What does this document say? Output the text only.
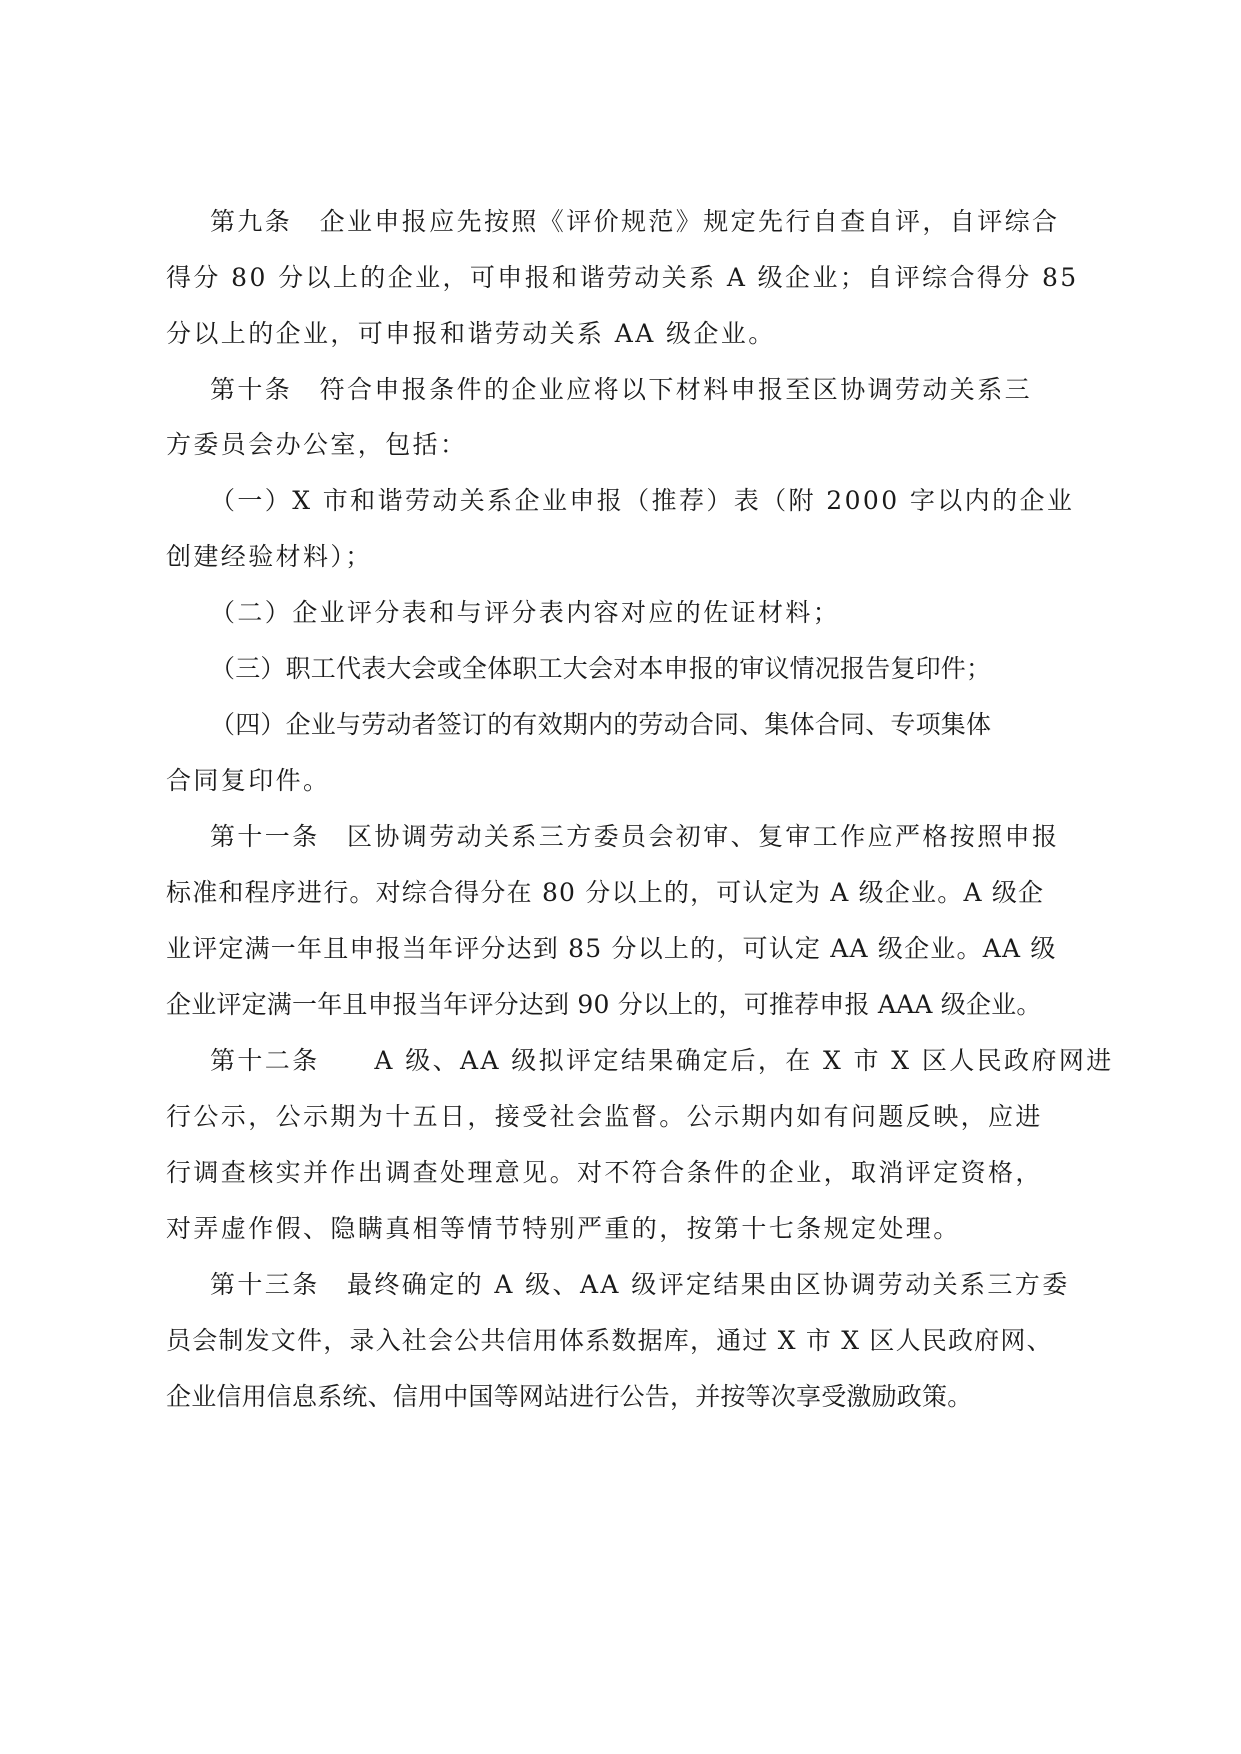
第九条　企业申报应先按照《评价规范》规定先行自查自评，自评综合

得分 80 分以上的企业，可申报和谐劳动关系 A 级企业；自评综合得分 85

分以上的企业，可申报和谐劳动关系 AA 级企业。

第十条　符合申报条件的企业应将以下材料申报至区协调劳动关系三

方委员会办公室，包括：

（一）X 市和谐劳动关系企业申报（推荐）表（附 2000 字以内的企业

创建经验材料）；

（二）企业评分表和与评分表内容对应的佐证材料；

（三）职工代表大会或全体职工大会对本申报的审议情况报告复印件；

（四）企业与劳动者签订的有效期内的劳动合同、集体合同、专项集体

合同复印件。

第十一条　区协调劳动关系三方委员会初审、复审工作应严格按照申报

标准和程序进行。对综合得分在 80 分以上的，可认定为 A 级企业。A 级企

业评定满一年且申报当年评分达到 85 分以上的，可认定 AA 级企业。AA 级

企业评定满一年且申报当年评分达到 90 分以上的，可推荐申报 AAA 级企业。

第十二条　　A 级、AA 级拟评定结果确定后，在 X 市 X 区人民政府网进

行公示，公示期为十五日，接受社会监督。公示期内如有问题反映，应进

行调查核实并作出调查处理意见。对不符合条件的企业，取消评定资格，

对弄虚作假、隐瞒真相等情节特别严重的，按第十七条规定处理。

第十三条　最终确定的 A 级、AA 级评定结果由区协调劳动关系三方委

员会制发文件，录入社会公共信用体系数据库，通过 X 市 X 区人民政府网、

企业信用信息系统、信用中国等网站进行公告，并按等次享受激励政策。
